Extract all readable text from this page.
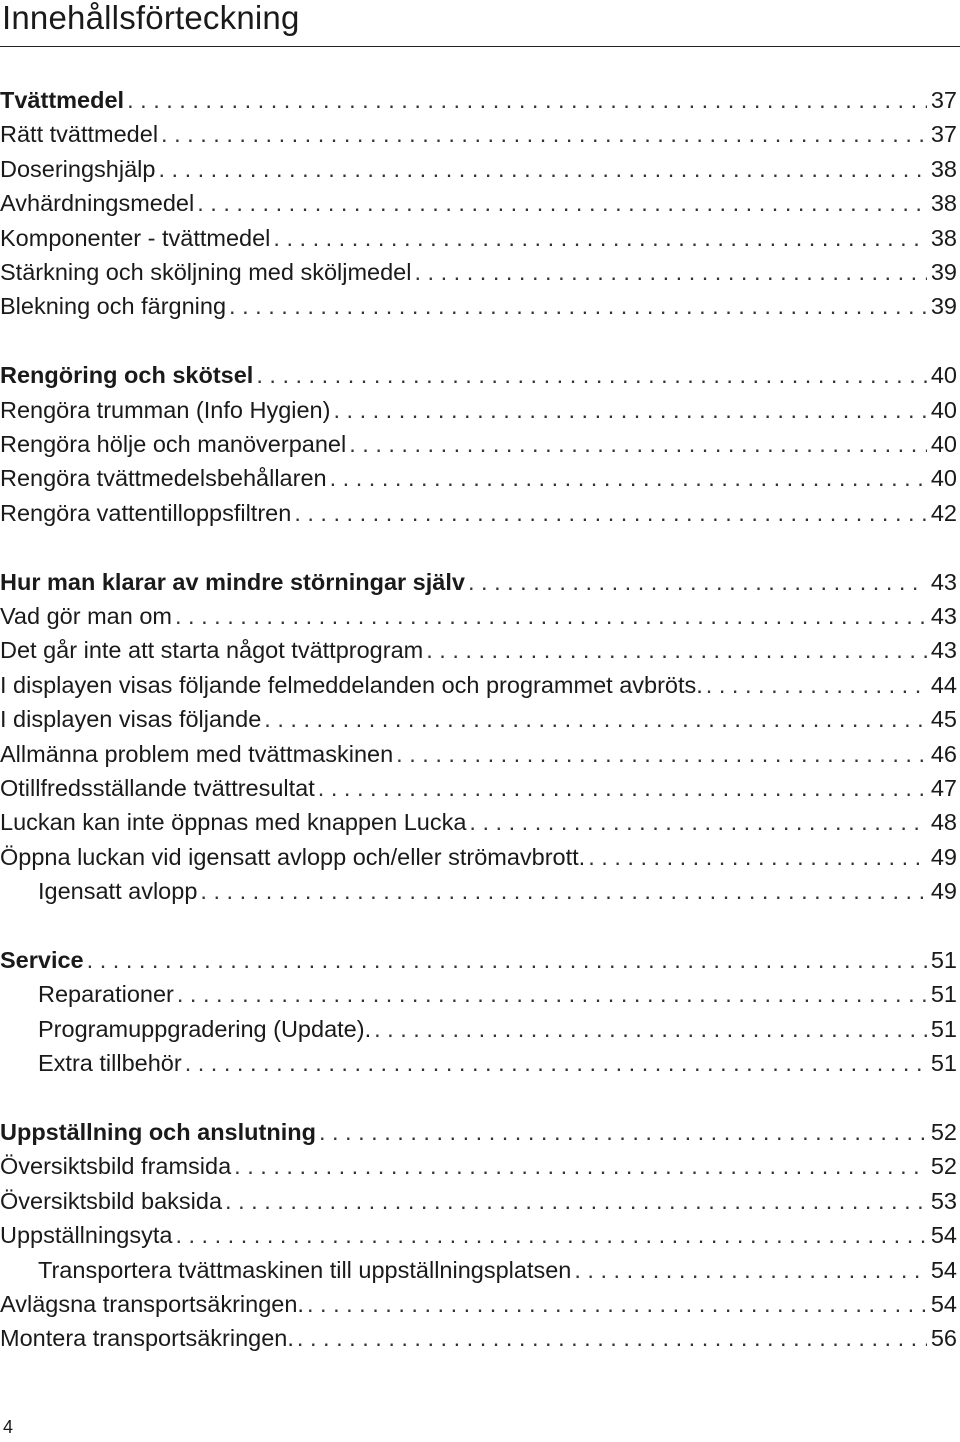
Innehållsförteckning
Tvättmedel . . .	37
Rätt tvättmedel . . .	37
Doseringshjälp . . .	38
Avhärdningsmedel . . .	38
Komponenter - tvättmedel . . .	38
Stärkning och sköljning med sköljmedel . . .	39
Blekning och färgning . . .	39
Rengöring och skötsel . . .	40
Rengöra trumman (Info Hygien) . . .	40
Rengöra hölje och manöverpanel . . .	40
Rengöra tvättmedelsbehållaren . . .	40
Rengöra vattentilloppsfiltren . . .	42
Hur man klarar av mindre störningar själv . . .	43
Vad gör man om . . .	43
Det går inte att starta något tvättprogram . . .	43
I displayen visas följande felmeddelanden och programmet avbröts. . . .	44
I displayen visas följande . . .	45
Allmänna problem med tvättmaskinen . . .	46
Otillfredsställande tvättresultat . . .	47
Luckan kan inte öppnas med knappen Lucka . . .	48
Öppna luckan vid igensatt avlopp och/eller strömavbrott. . . .	49
Igensatt avlopp . . .	49
Service . . .	51
Reparationer . . .	51
Programuppgradering (Update). . . .	51
Extra tillbehör . . .	51
Uppställning och anslutning . . .	52
Översiktsbild framsida . . .	52
Översiktsbild baksida . . .	53
Uppställningsyta . . .	54
Transportera tvättmaskinen till uppställningsplatsen . . .	54
Avlägsna transportsäkringen. . . .	54
Montera transportsäkringen. . . .	56
4
